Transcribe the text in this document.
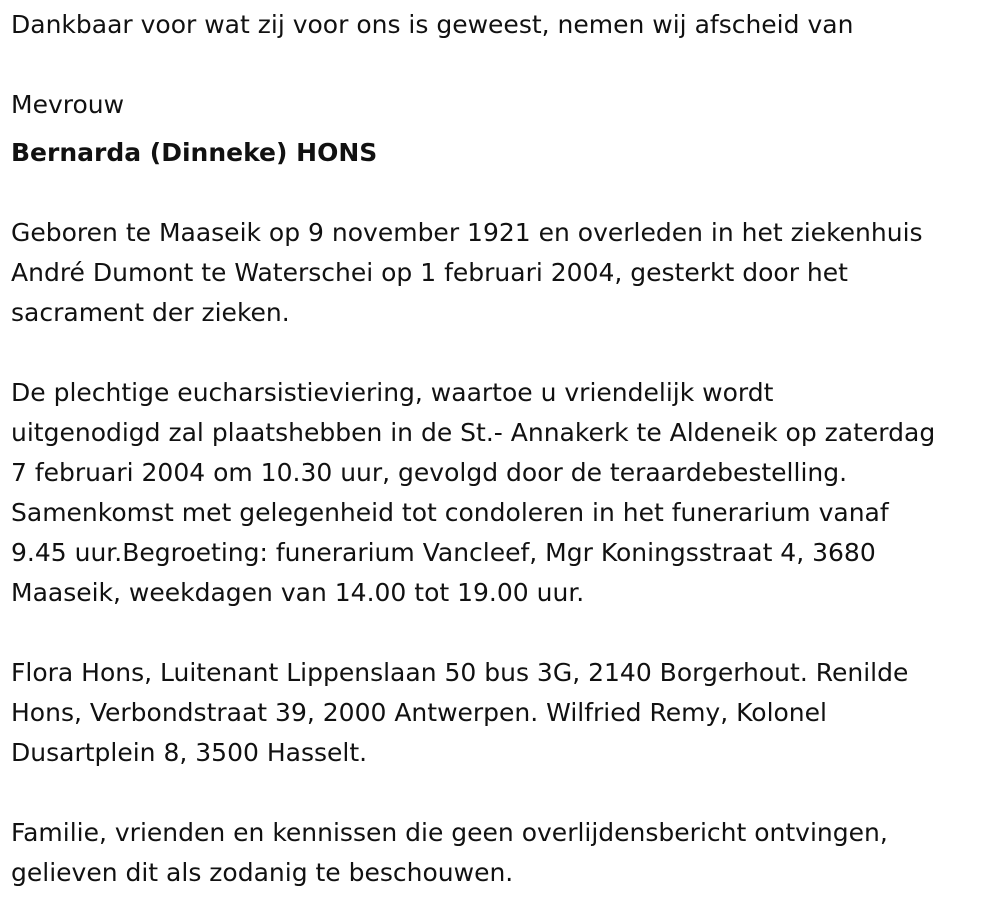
Dankbaar voor wat zij voor ons is geweest, nemen wij afscheid van

Mevrouw

Bernarda (Dinneke) HONS

Geboren te Maaseik op 9 november 1921 en overleden in het ziekenhuis
André Dumont te Waterschei op 1 februari 2004, gesterkt door het
sacrament der zieken.

De plechtige eucharsistieviering, waartoe u vriendelijk wordt
uitgenodigd zal plaatshebben in de St.- Annakerk te Aldeneik op zaterdag
7 februari 2004 om 10.30 uur, gevolgd door de teraardebestelling.
Samenkomst met gelegenheid tot condoleren in het funerarium vanaf
9.45 uur.Begroeting: funerarium Vancleef, Mgr Koningsstraat 4, 3680
Maaseik, weekdagen van 14.00 tot 19.00 uur.

Flora Hons, Luitenant Lippenslaan 50 bus 3G, 2140 Borgerhout. Renilde
Hons, Verbondstraat 39, 2000 Antwerpen. Wilfried Remy, Kolonel
Dusartplein 8, 3500 Hasselt.

Familie, vrienden en kennissen die geen overlijdensbericht ontvingen,
gelieven dit als zodanig te beschouwen.
